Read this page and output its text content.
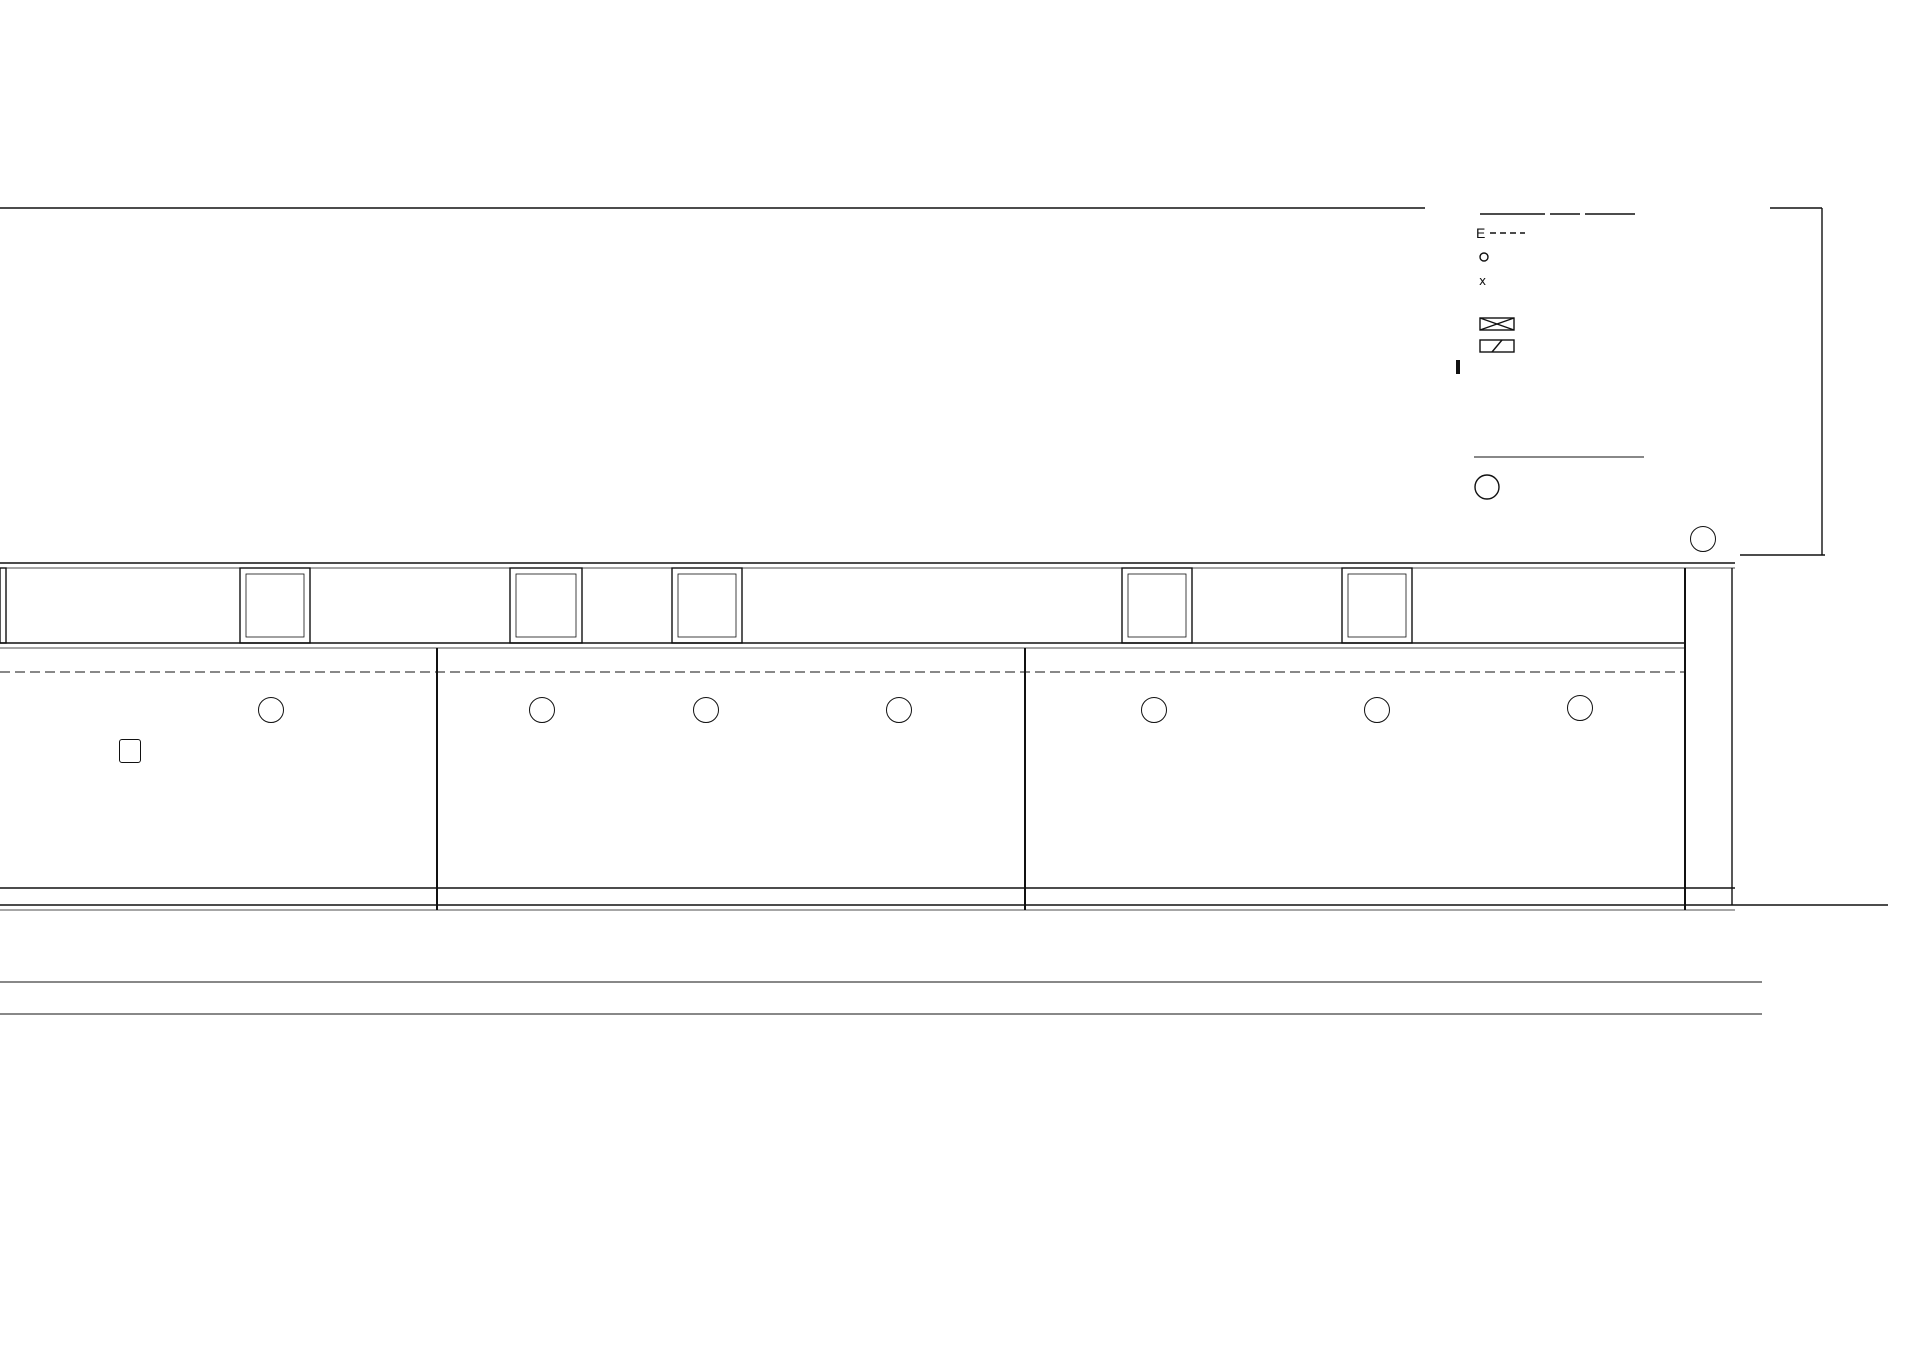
x
E
